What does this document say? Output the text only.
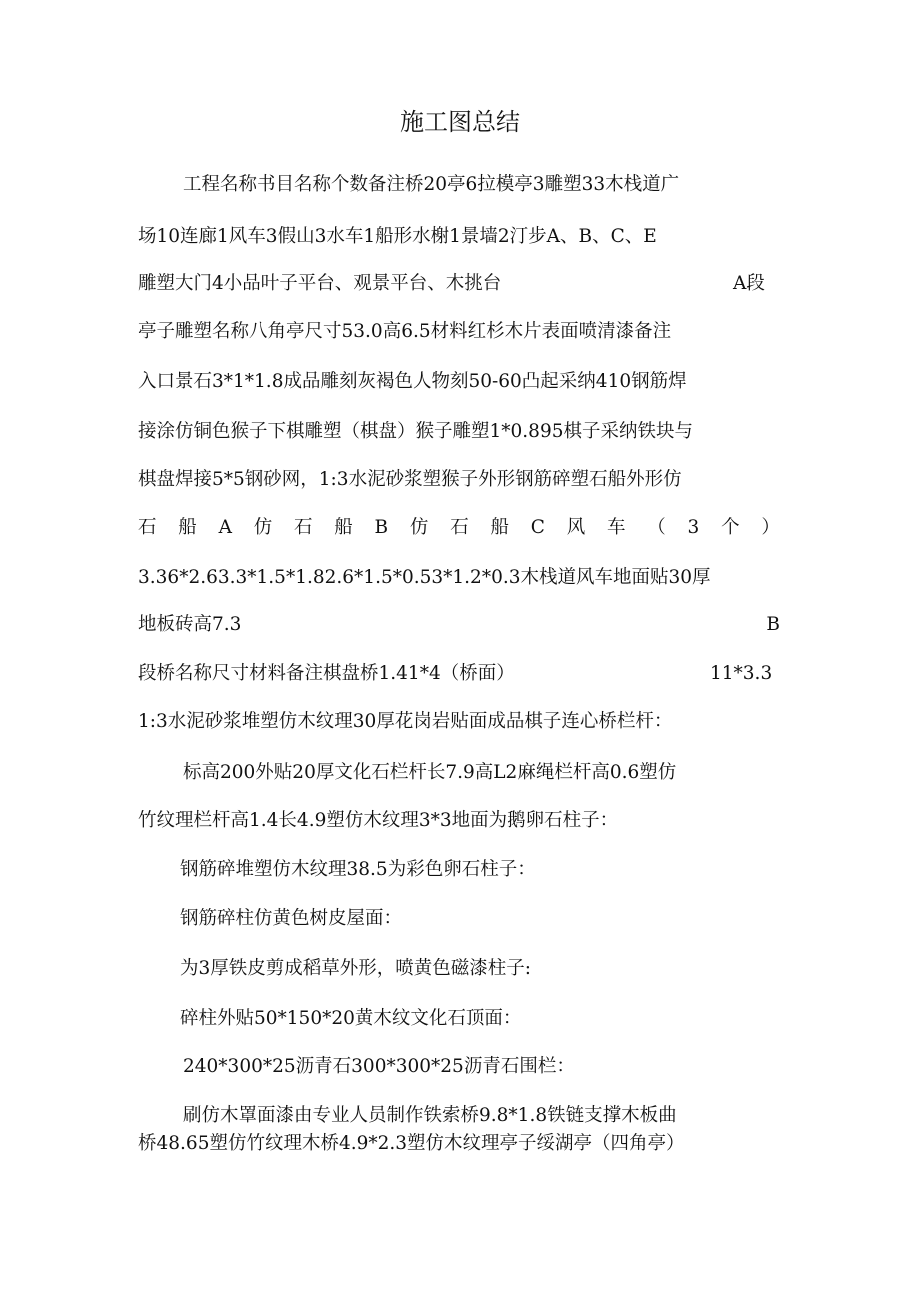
施工图总结
工程名称书目名称个数备注桥20亭6拉模亭3雕塑33木栈道广
场10连廊1风车3假山3水车1船形水榭1景墙2汀步A、B、C、E
雕塑大门4小品叶子平台、观景平台、木挑台	A段
亭子雕塑名称八角亭尺寸53.0高6.5材料红杉木片表面喷清漆备注
入口景石3*1*1.8成品雕刻灰褐色人物刻50-60凸起采纳410钢筋焊
接涂仿铜色猴子下棋雕塑（棋盘）猴子雕塑1*0.895棋子采纳铁块与
棋盘焊接5*5钢砂网，1:3水泥砂浆塑猴子外形钢筋碎塑石船外形仿
石 船 A 仿 石 船 B 仿 石 船 C 风 车 （ 3 个 ）
3.36*2.63.3*1.5*1.82.6*1.5*0.53*1.2*0.3木栈道风车地面贴30厚
地板砖高7.3	B
段桥名称尺寸材料备注棋盘桥1.41*4（桥面）	11*3.3
1:3水泥砂浆堆塑仿木纹理30厚花岗岩贴面成品棋子连心桥栏杆：
标高200外贴20厚文化石栏杆长7.9高L2麻绳栏杆高0.6塑仿
竹纹理栏杆高1.4长4.9塑仿木纹理3*3地面为鹅卵石柱子：
钢筋碎堆塑仿木纹理38.5为彩色卵石柱子：
钢筋碎柱仿黄色树皮屋面：
为3厚铁皮剪成稻草外形，喷黄色磁漆柱子:
碎柱外贴50*150*20黄木纹文化石顶面：
240*300*25沥青石300*300*25沥青石围栏：
刷仿木罩面漆由专业人员制作铁索桥9.8*1.8铁链支撑木板曲
桥48.65塑仿竹纹理木桥4.9*2.3塑仿木纹理亭子绥湖亭（四角亭）
